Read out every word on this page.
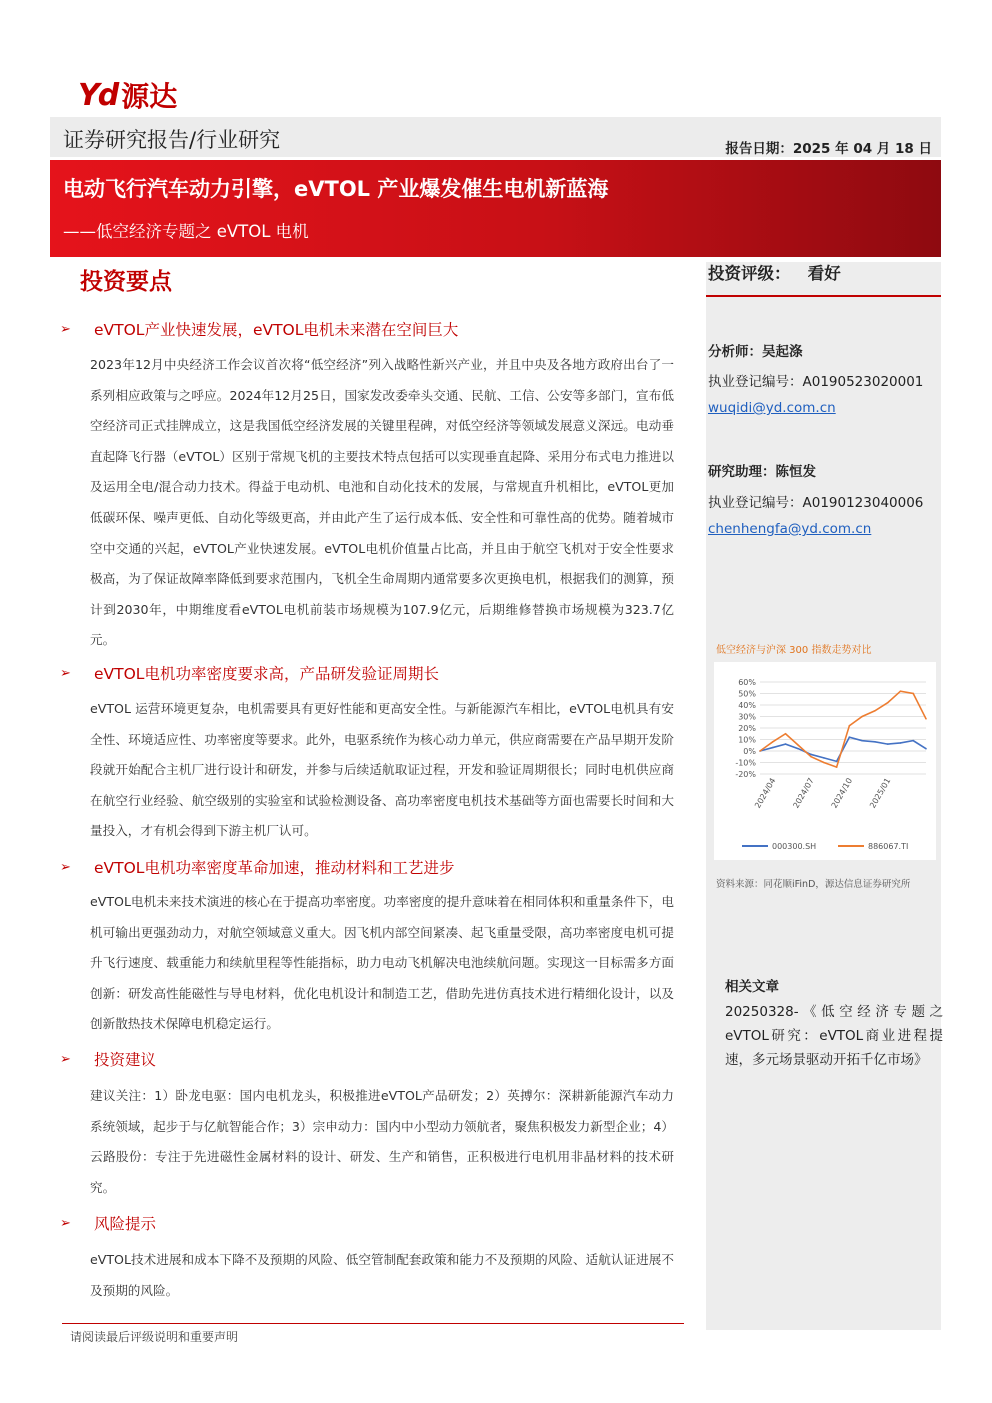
Yd 源达
证券研究报告/行业研究	报告日期：2025 年 04 月 18 日
电动飞行汽车动力引擎，eVTOL 产业爆发催生电机新蓝海
——低空经济专题之 eVTOL 电机
投资要点
➢ eVTOL产业快速发展，eVTOL电机未来潜在空间巨大
2023年12月中央经济工作会议首次将“低空经济”列入战略性新兴产业，并且中央及各地方政府出台了一系列相应政策与之呼应。2024年12月25日，国家发改委牵头交通、民航、工信、公安等多部门，宣布低空经济司正式挂牌成立，这是我国低空经济发展的关键里程碑，对低空经济等领域发展意义深远。电动垂直起降飞行器（eVTOL）区别于常规飞机的主要技术特点包括可以实现垂直起降、采用分布式电力推进以及运用全电/混合动力技术。得益于电动机、电池和自动化技术的发展，与常规直升机相比，eVTOL更加低碳环保、噪声更低、自动化等级更高，并由此产生了运行成本低、安全性和可靠性高的优势。随着城市空中交通的兴起，eVTOL产业快速发展。eVTOL电机价值量占比高，并且由于航空飞机对于安全性要求极高，为了保证故障率降低到要求范围内，飞机全生命周期内通常要多次更换电机，根据我们的测算，预计到2030年，中期维度看eVTOL电机前装市场规模为107.9亿元，后期维修替换市场规模为323.7亿元。
➢ eVTOL电机功率密度要求高，产品研发验证周期长
eVTOL 运营环境更复杂，电机需要具有更好性能和更高安全性。与新能源汽车相比，eVTOL电机具有安全性、环境适应性、功率密度等要求。此外，电驱系统作为核心动力单元，供应商需要在产品早期开发阶段就开始配合主机厂进行设计和研发，并参与后续适航取证过程，开发和验证周期很长；同时电机供应商在航空行业经验、航空级别的实验室和试验检测设备、高功率密度电机技术基础等方面也需要长时间和大量投入，才有机会得到下游主机厂认可。
➢ eVTOL电机功率密度革命加速，推动材料和工艺进步
eVTOL电机未来技术演进的核心在于提高功率密度。功率密度的提升意味着在相同体积和重量条件下，电机可输出更强劲动力，对航空领域意义重大。因飞机内部空间紧凑、起飞重量受限，高功率密度电机可提升飞行速度、载重能力和续航里程等性能指标，助力电动飞机解决电池续航问题。实现这一目标需多方面创新：研发高性能磁性与导电材料，优化电机设计和制造工艺，借助先进仿真技术进行精细化设计，以及创新散热技术保障电机稳定运行。
➢ 投资建议
建议关注：1）卧龙电驱：国内电机龙头，积极推进eVTOL产品研发；2）英搏尔：深耕新能源汽车动力系统领域，起步于与亿航智能合作；3）宗申动力：国内中小型动力领航者，聚焦积极发力新型企业；4）云路股份：专注于先进磁性金属材料的设计、研发、生产和销售，正积极进行电机用非晶材料的技术研究。
➢ 风险提示
eVTOL技术进展和成本下降不及预期的风险、低空管制配套政策和能力不及预期的风险、适航认证进展不及预期的风险。
投资评级：   看好
分析师：吴起涤
执业登记编号：A0190523020001
wuqidi@yd.com.cn
研究助理：陈恒发
执业登记编号：A0190123040006
chenhengfa@yd.com.cn
低空经济与沪深 300 指数走势对比
60%
50%
40%
30%
20%
10%
0%
-10%
-20%
2024/04 2024/07 2024/10 2025/01
000300.SH	886067.TI
资料来源：同花顺iFinD，源达信息证券研究所
相关文章
20250328-《低空经济专题之eVTOL研究：eVTOL商业进程提速，多元场景驱动开拓千亿市场》
请阅读最后评级说明和重要声明
